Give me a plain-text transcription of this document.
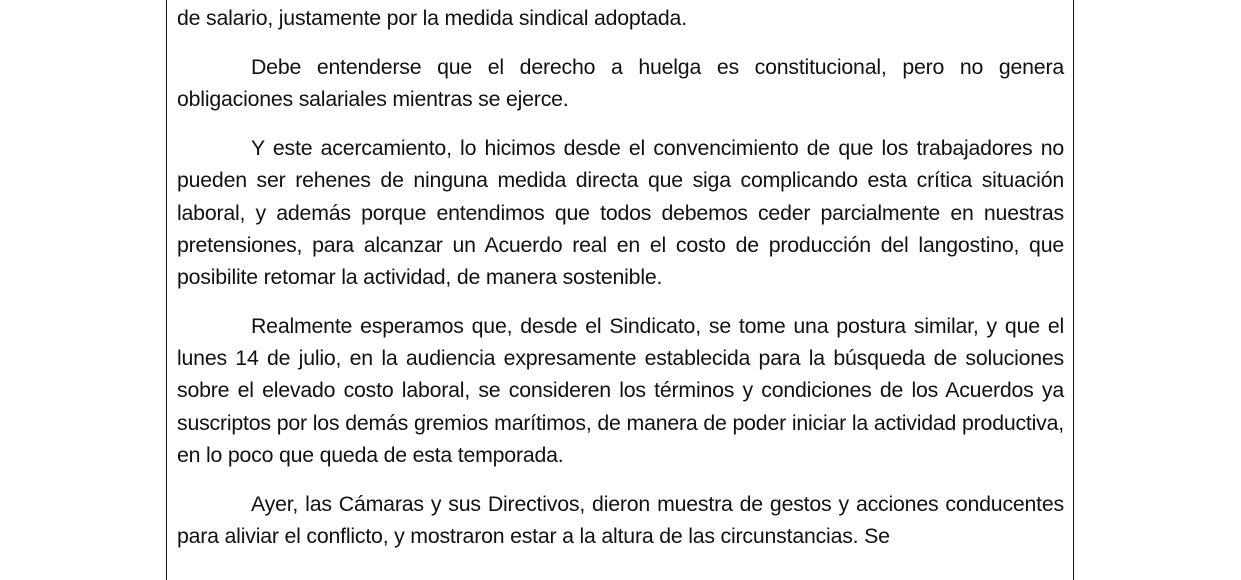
de salario, justamente por la medida sindical adoptada.

Debe entenderse que el derecho a huelga es constitucional, pero no genera obligaciones salariales mientras se ejerce.

Y este acercamiento, lo hicimos desde el convencimiento de que los trabajadores no pueden ser rehenes de ninguna medida directa que siga complicando esta crítica situación laboral, y además porque entendimos que todos debemos ceder parcialmente en nuestras pretensiones, para alcanzar un Acuerdo real en el costo de producción del langostino, que posibilite retomar la actividad, de manera sostenible.

Realmente esperamos que, desde el Sindicato, se tome una postura similar, y que el lunes 14 de julio, en la audiencia expresamente establecida para la búsqueda de soluciones sobre el elevado costo laboral, se consideren los términos y condiciones de los Acuerdos ya suscriptos por los demás gremios marítimos, de manera de poder iniciar la actividad productiva, en lo poco que queda de esta temporada.

Ayer, las Cámaras y sus Directivos, dieron muestra de gestos y acciones conducentes para aliviar el conflicto, y mostraron estar a la altura de las circunstancias. Se
